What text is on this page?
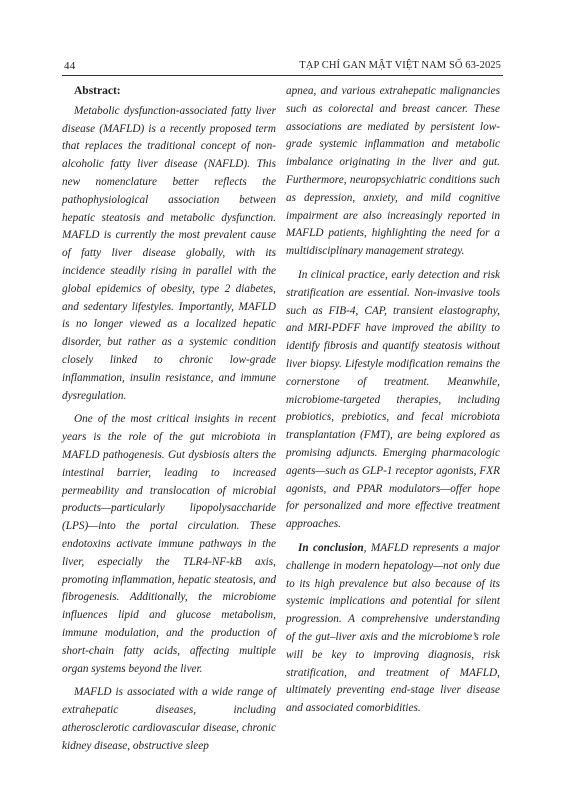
44	TẠP CHÍ GAN MẬT VIỆT NAM SỐ 63-2025
Abstract:

Metabolic dysfunction-associated fatty liver disease (MAFLD) is a recently proposed term that replaces the traditional concept of non-alcoholic fatty liver disease (NAFLD). This new nomenclature better reflects the pathophysiological association between hepatic steatosis and metabolic dysfunction. MAFLD is currently the most prevalent cause of fatty liver disease globally, with its incidence steadily rising in parallel with the global epidemics of obesity, type 2 diabetes, and sedentary lifestyles. Importantly, MAFLD is no longer viewed as a localized hepatic disorder, but rather as a systemic condition closely linked to chronic low-grade inflammation, insulin resistance, and immune dysregulation.

One of the most critical insights in recent years is the role of the gut microbiota in MAFLD pathogenesis. Gut dysbiosis alters the intestinal barrier, leading to increased permeability and translocation of microbial products—particularly lipopolysaccharide (LPS)—into the portal circulation. These endotoxins activate immune pathways in the liver, especially the TLR4-NF-kB axis, promoting inflammation, hepatic steatosis, and fibrogenesis. Additionally, the microbiome influences lipid and glucose metabolism, immune modulation, and the production of short-chain fatty acids, affecting multiple organ systems beyond the liver.

MAFLD is associated with a wide range of extrahepatic diseases, including atherosclerotic cardiovascular disease, chronic kidney disease, obstructive sleep

apnea, and various extrahepatic malignancies such as colorectal and breast cancer. These associations are mediated by persistent low-grade systemic inflammation and metabolic imbalance originating in the liver and gut. Furthermore, neuropsychiatric conditions such as depression, anxiety, and mild cognitive impairment are also increasingly reported in MAFLD patients, highlighting the need for a multidisciplinary management strategy.

In clinical practice, early detection and risk stratification are essential. Non-invasive tools such as FIB-4, CAP, transient elastography, and MRI-PDFF have improved the ability to identify fibrosis and quantify steatosis without liver biopsy. Lifestyle modification remains the cornerstone of treatment. Meanwhile, microbiome-targeted therapies, including probiotics, prebiotics, and fecal microbiota transplantation (FMT), are being explored as promising adjuncts. Emerging pharmacologic agents—such as GLP-1 receptor agonists, FXR agonists, and PPAR modulators—offer hope for personalized and more effective treatment approaches.

In conclusion, MAFLD represents a major challenge in modern hepatology—not only due to its high prevalence but also because of its systemic implications and potential for silent progression. A comprehensive understanding of the gut–liver axis and the microbiome’s role will be key to improving diagnosis, risk stratification, and treatment of MAFLD, ultimately preventing end-stage liver disease and associated comorbidities.
